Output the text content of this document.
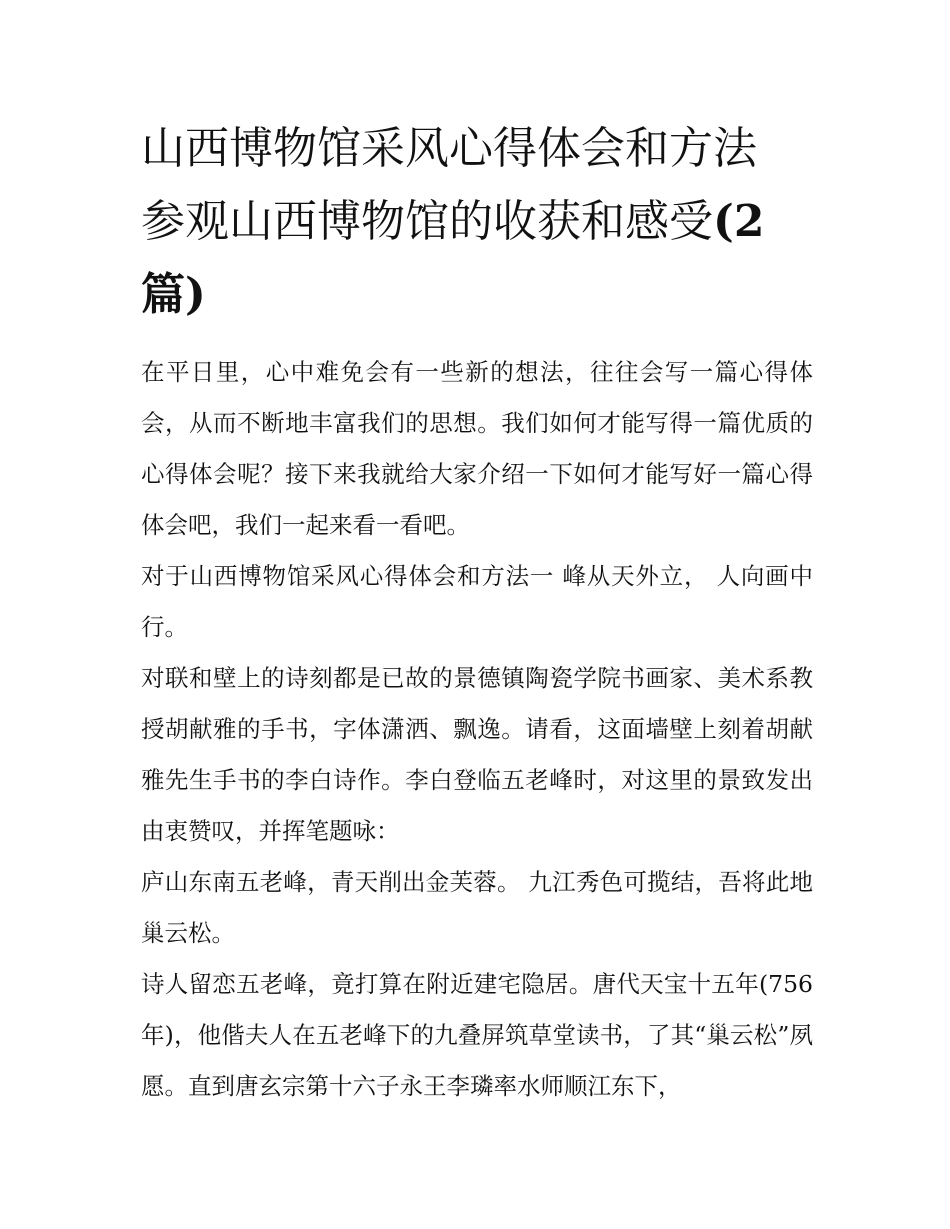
山西博物馆采风心得体会和方法 参观山西博物馆的收获和感受(2 篇)

在平日里，心中难免会有一些新的想法，往往会写一篇心得体会，从而不断地丰富我们的思想。我们如何才能写得一篇优质的心得体会呢？接下来我就给大家介绍一下如何才能写好一篇心得体会吧，我们一起来看一看吧。

对于山西博物馆采风心得体会和方法一 峰从天外立， 人向画中行。

对联和壁上的诗刻都是已故的景德镇陶瓷学院书画家、美术系教授胡献雅的手书，字体潇洒、飘逸。请看，这面墙壁上刻着胡献雅先生手书的李白诗作。李白登临五老峰时，对这里的景致发出由衷赞叹，并挥笔题咏：

庐山东南五老峰，青天削出金芙蓉。 九江秀色可揽结，吾将此地巢云松。

诗人留恋五老峰，竟打算在附近建宅隐居。唐代天宝十五年(756 年)，他偕夫人在五老峰下的九叠屏筑草堂读书，了其“巢云松”夙愿。直到唐玄宗第十六子永王李璘率水师顺江东下，
